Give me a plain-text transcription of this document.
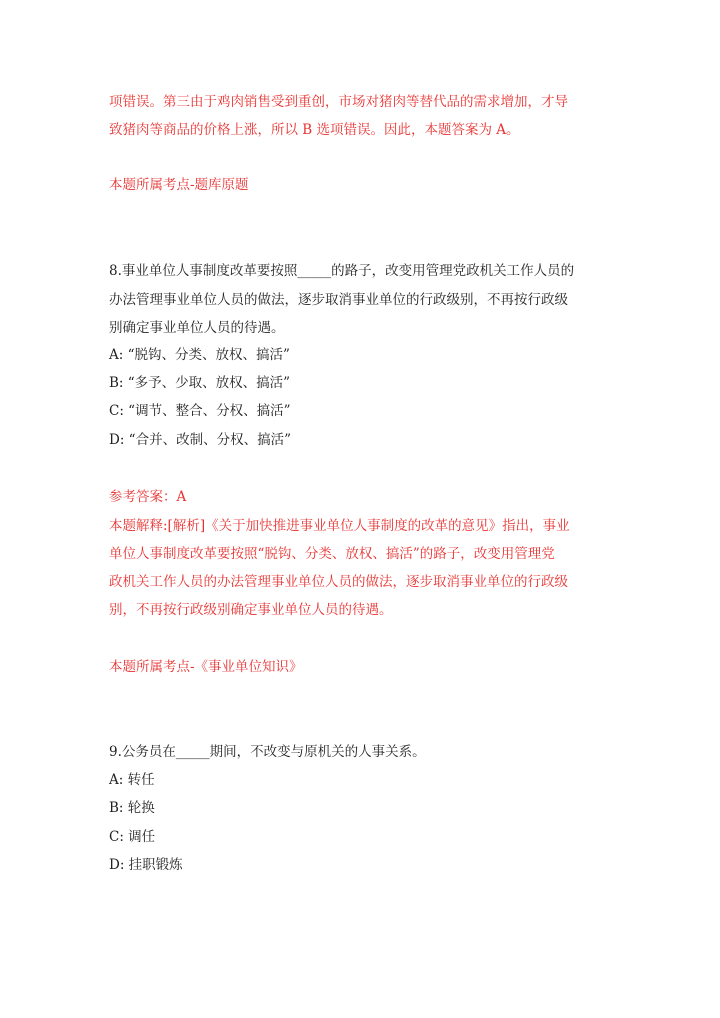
项错误。第三由于鸡肉销售受到重创，市场对猪肉等替代品的需求增加，才导
致猪肉等商品的价格上涨，所以 B 选项错误。因此，本题答案为 A。
本题所属考点-题库原题
8.事业单位人事制度改革要按照_____的路子，改变用管理党政机关工作人员的
办法管理事业单位人员的做法，逐步取消事业单位的行政级别，不再按行政级
别确定事业单位人员的待遇。
A: “脱钩、分类、放权、搞活”
B: “多予、少取、放权、搞活”
C: “调节、整合、分权、搞活”
D: “合并、改制、分权、搞活”
参考答案：A
本题解释:[解析]《关于加快推进事业单位人事制度的改革的意见》指出，事业
单位人事制度改革要按照“脱钩、分类、放权、搞活”的路子，改变用管理党
政机关工作人员的办法管理事业单位人员的做法，逐步取消事业单位的行政级
别，不再按行政级别确定事业单位人员的待遇。
本题所属考点-《事业单位知识》
9.公务员在_____期间，不改变与原机关的人事关系。
A: 转任
B: 轮换
C: 调任
D: 挂职锻炼
